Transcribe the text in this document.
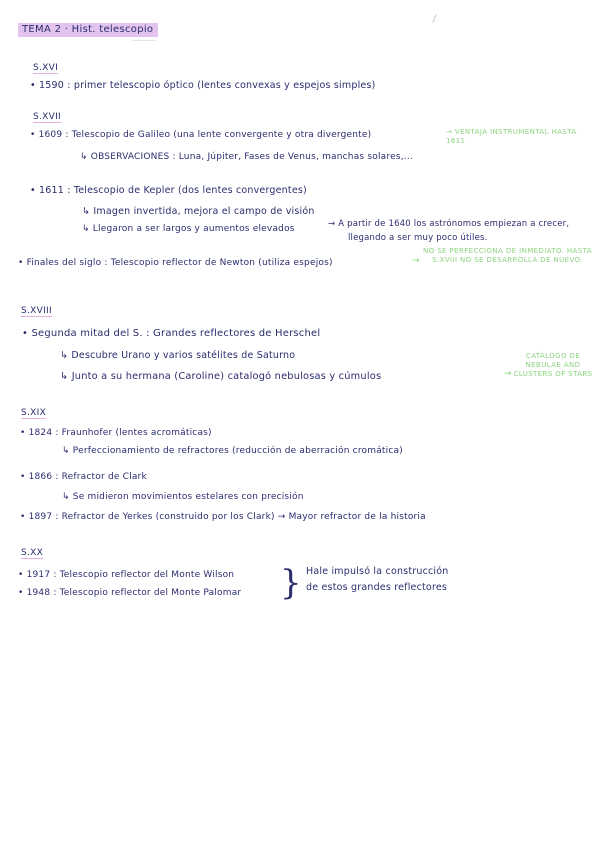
TEMA 2 · Hist. telescopio
S.XVI
• 1590 : primer telescopio óptico (lentes convexas y espejos simples)
S.XVII
• 1609 : Telescopio de Galileo (una lente convergente y otra divergente)	→ VENTAJA INSTRUMENTAL HASTA 1611
↳ OBSERVACIONES : Luna, Júpiter, Fases de Venus, manchas solares,...
• 1611 : Telescopio de Kepler (dos lentes convergentes)
↳ Imagen invertida, mejora el campo de visión
↳ Llegaron a ser largos y aumentos elevados	→ A partir de 1640 los astrónomos empiezan a crecer,
llegando a ser muy poco útiles.
• Finales del siglo : Telescopio reflector de Newton (utiliza espejos)	→
NO SE PERFECCIONA DE INMEDIATO. HASTA S.XVIII NO SE DESARROLLA DE NUEVO.
S.XVIII
• Segunda mitad del S. : Grandes reflectores de Herschel
↳ Descubre Urano y varios satélites de Saturno
↳ Junto a su hermana (Caroline) catalogó nebulosas y cúmulos	→
CATÁLOGO DE NEBULAE AND CLUSTERS OF STARS
S.XIX
• 1824 : Fraunhofer (lentes acromáticas)
↳ Perfeccionamiento de refractores (reducción de aberración cromática)
• 1866 : Refractor de Clark
↳ Se midieron movimientos estelares con precisión
• 1897 : Refractor de Yerkes (construido por los Clark) → Mayor refractor de la historia
S.XX
• 1917 : Telescopio reflector del Monte Wilson
• 1948 : Telescopio reflector del Monte Palomar } Hale impulsó la construcción
de estos grandes reflectores
